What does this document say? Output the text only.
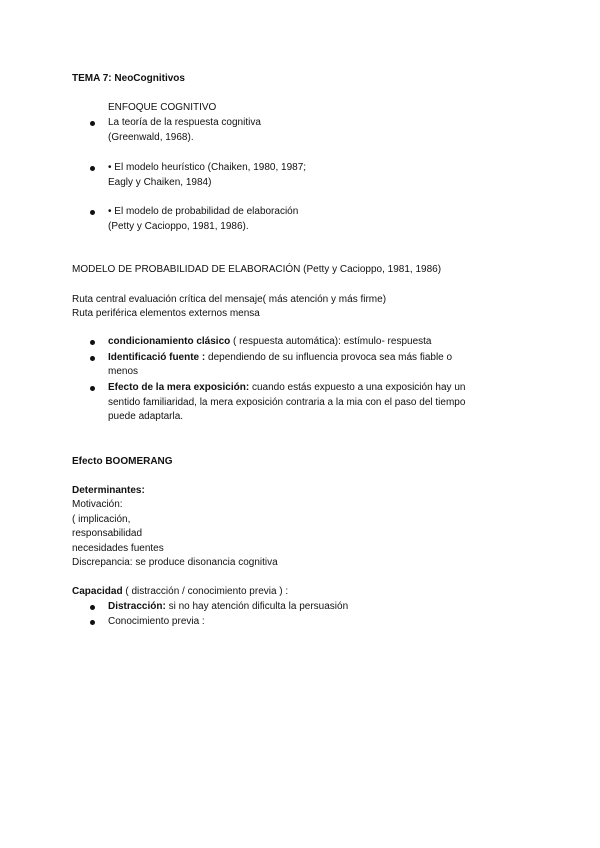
TEMA 7: NeoCognitivos
ENFOQUE COGNITIVO
La teoría de la respuesta cognitiva
(Greenwald, 1968).
• El modelo heurístico (Chaiken, 1980, 1987;
Eagly y Chaiken, 1984)
• El modelo de probabilidad de elaboración
(Petty y Cacioppo, 1981, 1986).
MODELO DE PROBABILIDAD DE ELABORACIÓN (Petty y Cacioppo, 1981, 1986)
Ruta central evaluación crítica del mensaje( más atención y más firme)
Ruta periférica elementos externos mensa
condicionamiento clásico ( respuesta automática): estímulo- respuesta
Identificació fuente : dependiendo de su influencia provoca sea más fiable o
menos
Efecto de la mera exposición: cuando estás expuesto a una exposición hay un
sentido familiaridad, la mera exposición contraria a la mia con el paso del tiempo
puede adaptarla.
Efecto BOOMERANG
Determinantes:
Motivación:
( implicación,
responsabilidad
necesidades fuentes
Discrepancia: se produce disonancia cognitiva
Capacidad ( distracción / conocimiento previa ) :
Distracción: si no hay atención dificulta la persuasión
Conocimiento previa :
